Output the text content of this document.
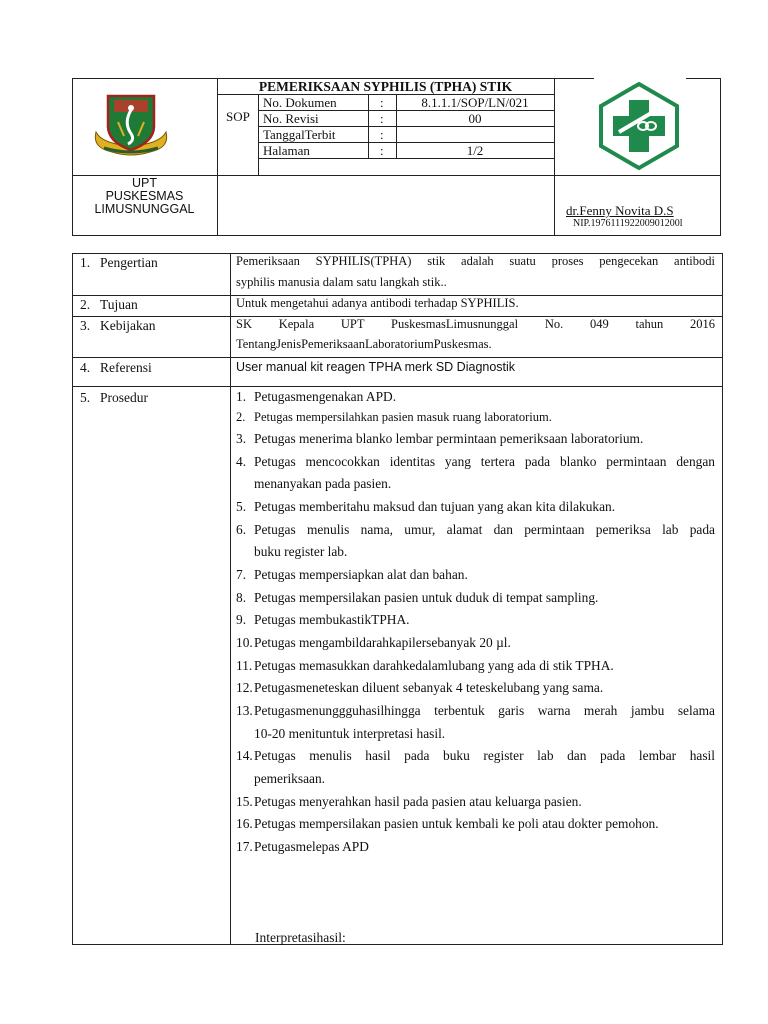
PEMERIKSAAN SYPHILIS (TPHA) STIK
SOP
No. Dokumen	:	8.1.1.1/SOP/LN/021
No. Revisi	:	00
TanggalTerbit	:
Halaman	:	1/2
UPT
PUSKESMAS
LIMUSNUNGGAL	dr.Fenny Novita D.S
NIP.197611192200901200l
1. Pengertian	Pemeriksaan SYPHILIS(TPHA) stik adalah suatu proses pengecekan antibodi
syphilis manusia dalam satu langkah stik..
2. Tujuan	Untuk mengetahui adanya antibodi terhadap SYPHILIS.
3. Kebijakan	SK Kepala UPT PuskesmasLimusnunggal No. 049 tahun 2016
TentangJenisPemeriksaanLaboratoriumPuskesmas.
4. Referensi	User manual kit reagen TPHA merk SD Diagnostik
5. Prosedur	1. Petugasmengenakan APD.
2. Petugas mempersilahkan pasien masuk ruang laboratorium.
3. Petugas menerima blanko lembar permintaan pemeriksaan laboratorium.
4. Petugas mencocokkan identitas yang tertera pada blanko permintaan dengan
menanyakan pada pasien.
5. Petugas memberitahu maksud dan tujuan yang akan kita dilakukan.
6. Petugas menulis nama, umur, alamat dan permintaan pemeriksa lab pada
buku register lab.
7. Petugas mempersiapkan alat dan bahan.
8. Petugas mempersilakan pasien untuk duduk di tempat sampling.
9. Petugas membukastikTPHA.
10. Petugas mengambildarahkapilersebanyak 20 µl.
11. Petugas memasukkan darahkedalamlubang yang ada di stik TPHA.
12. Petugasmeneteskan diluent sebanyak 4 teteskelubang yang sama.
13. Petugasmenunggguhasilhingga terbentuk garis warna merah jambu selama
10-20 menituntuk interpretasi hasil.
14. Petugas menulis hasil pada buku register lab dan pada lembar hasil
pemeriksaan.
15. Petugas menyerahkan hasil pada pasien atau keluarga pasien.
16. Petugas mempersilakan pasien untuk kembali ke poli atau dokter pemohon.
17. Petugasmelepas APD
Interpretasihasil:
